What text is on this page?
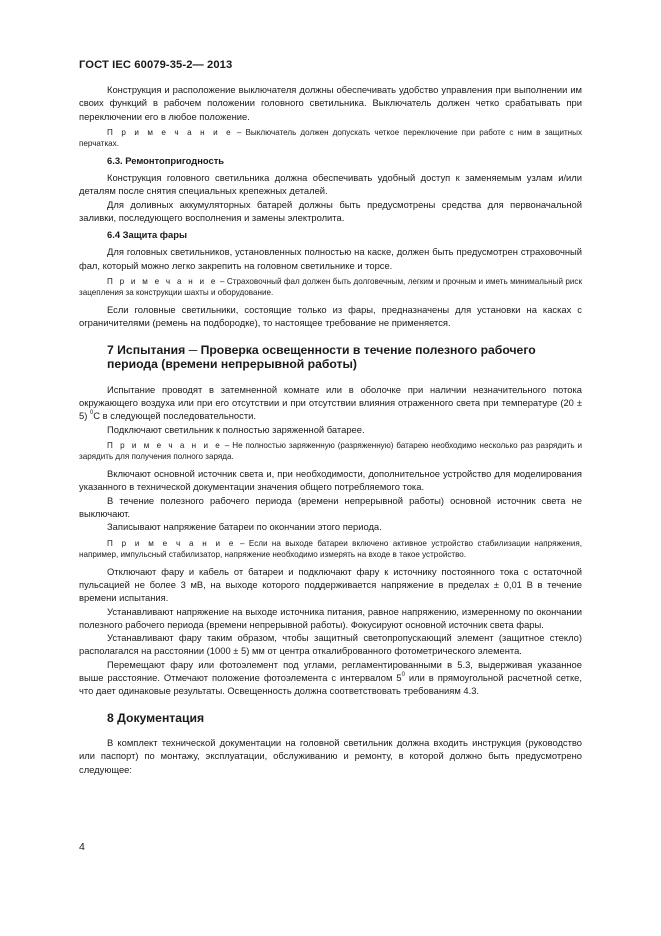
ГОСТ IEC 60079-35-2— 2013

Конструкция и расположение выключателя должны обеспечивать удобство управления при выполнении им своих функций в рабочем положении головного светильника. Выключатель должен четко срабатывать при переключении его в любое положение.

П р и м е ч а н и е – Выключатель должен допускать четкое переключение при работе с ним в защитных перчатках.

6.3. Ремонтопригодность

Конструкция головного светильника должна обеспечивать удобный доступ к заменяемым узлам и/или деталям после снятия специальных крепежных деталей.

Для доливных аккумуляторных батарей должны быть предусмотрены средства для первоначальной заливки, последующего восполнения и замены электролита.

6.4 Защита фары

Для головных светильников, установленных полностью на каске, должен быть предусмотрен страховочный фал, который можно легко закрепить на головном светильнике и торсе.

П р и м е ч а н и е – Страховочный фал должен быть долговечным, легким и прочным и иметь минимальный риск зацепления за конструкции шахты и оборудование.

Если головные светильники, состоящие только из фары, предназначены для установки на касках с ограничителями (ремень на подбородке), то настоящее требование не применяется.

7 Испытания ─ Проверка освещенности в течение полезного рабочего периода (времени непрерывной работы)

Испытание проводят в затемненной комнате или в оболочке при наличии незначительного потока окружающего воздуха или при его отсутствии и при отсутствии влияния отраженного света при температуре (20 ± 5) $^0$С в следующей последовательности.

Подключают светильник к полностью заряженной батарее.

П р и м е ч а н и е – Не полностью заряженную (разряженную) батарею необходимо несколько раз разрядить и зарядить для получения полного заряда.

Включают основной источник света и, при необходимости, дополнительное устройство для моделирования указанного в технической документации значения общего потребляемого тока.

В течение полезного рабочего периода (времени непрерывной работы) основной источник света не выключают.

Записывают напряжение батареи по окончании этого периода.

П р и м е ч а н и е – Если на выходе батареи включено активное устройство стабилизации напряжения, например, импульсный стабилизатор, напряжение необходимо измерять на входе в такое устройство.

Отключают фару и кабель от батареи и подключают фару к источнику постоянного тока с остаточной пульсацией не более 3 мВ, на выходе которого поддерживается напряжение в пределах ± 0,01 В в течение времени испытания.

Устанавливают напряжение на выходе источника питания, равное напряжению, измеренному по окончании полезного рабочего периода (времени непрерывной работы). Фокусируют основной источник света фары.

Устанавливают фару таким образом, чтобы защитный светопропускающий элемент (защитное стекло) располагался на расстоянии (1000 ± 5) мм от центра откалиброванного фотометрического элемента.

Перемещают фару или фотоэлемент под углами, регламентированными в 5.3, выдерживая указанное выше расстояние. Отмечают положение фотоэлемента с интервалом $5^0$ или в прямоугольной расчетной сетке, что дает одинаковые результаты. Освещенность должна соответствовать требованиям 4.3.

8 Документация

В комплект технической документации на головной светильник должна входить инструкция (руководство или паспорт) по монтажу, эксплуатации, обслуживанию и ремонту, в которой должно быть предусмотрено следующее:

4
